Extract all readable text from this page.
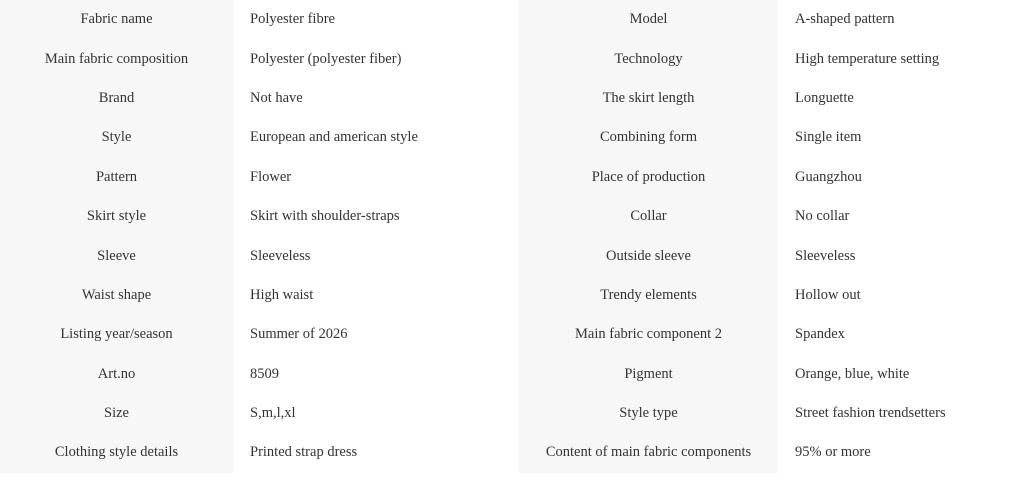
Fabric name	Polyester fibre	Model	A-shaped pattern
Main fabric composition	Polyester (polyester fiber)	Technology	High temperature setting
Brand	Not have	The skirt length	Longuette
Style	European and american style	Combining form	Single item
Pattern	Flower	Place of production	Guangzhou
Skirt style	Skirt with shoulder-straps	Collar	No collar
Sleeve	Sleeveless	Outside sleeve	Sleeveless
Waist shape	High waist	Trendy elements	Hollow out
Listing year/season	Summer of 2026	Main fabric component 2	Spandex
Art.no	8509	Pigment	Orange, blue, white
Size	S,m,l,xl	Style type	Street fashion trendsetters
Clothing style details	Printed strap dress	Content of main fabric components	95% or more
